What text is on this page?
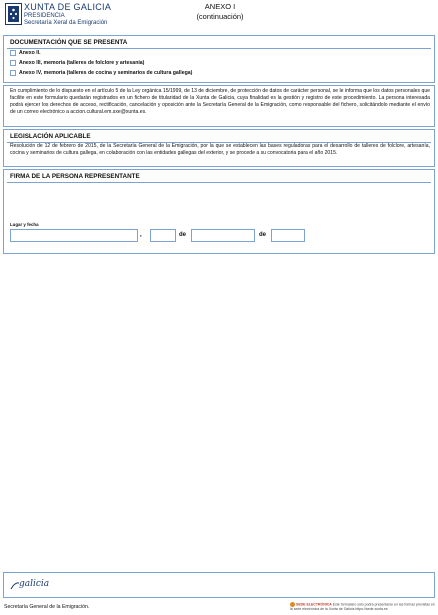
XUNTA DE GALICIA
PRESIDENCIA
Secretaría Xeral da Emigración
ANEXO I
(continuación)
DOCUMENTACIÓN QUE SE PRESENTA
Anexo II.
Anexo III, memoria (talleres de folclore y artesanía)
Anexo IV, memoria (talleres de cocina y seminarios de cultura gallega)
En cumplimiento de lo dispuesto en el artículo 5 de la Ley orgánica 15/1999, de 13 de diciembre, de protección de datos de carácter personal, se le informa que los datos personales que facilite en este formulario quedarán registrados en un fichero de titularidad de la Xunta de Galicia, cuya finalidad es la gestión y registro de este procedimiento. La persona interesada podrá ejercer los derechos de acceso, rectificación, cancelación y oposición ante la Secretaría General de la Emigración, como responsable del fichero, solicitándolo mediante el envío de un correo electrónico a accion.cultural.em.sxe@xunta.es.
LEGISLACIÓN APLICABLE
Resolución de 12 de febrero de 2015, de la Secretaría General de la Emigración, por la que se establecen las bases reguladoras para el desarrollo de talleres de folclore, artesanía, cocina y seminarios de cultura gallega, en colaboración con las entidades gallegas del exterior, y se procede a su convocatoria para el año 2015.
FIRMA DE LA PERSONA REPRESENTANTE
Lugar y fecha
,	de	de
galicia
Secretaría General de la Emigración.	SEDE ELECTRÓNICA Este formulario sólo podrá presentarse en las formas previstas en la sede electrónica de la Xunta de Galicia https://sede.xunta.es
